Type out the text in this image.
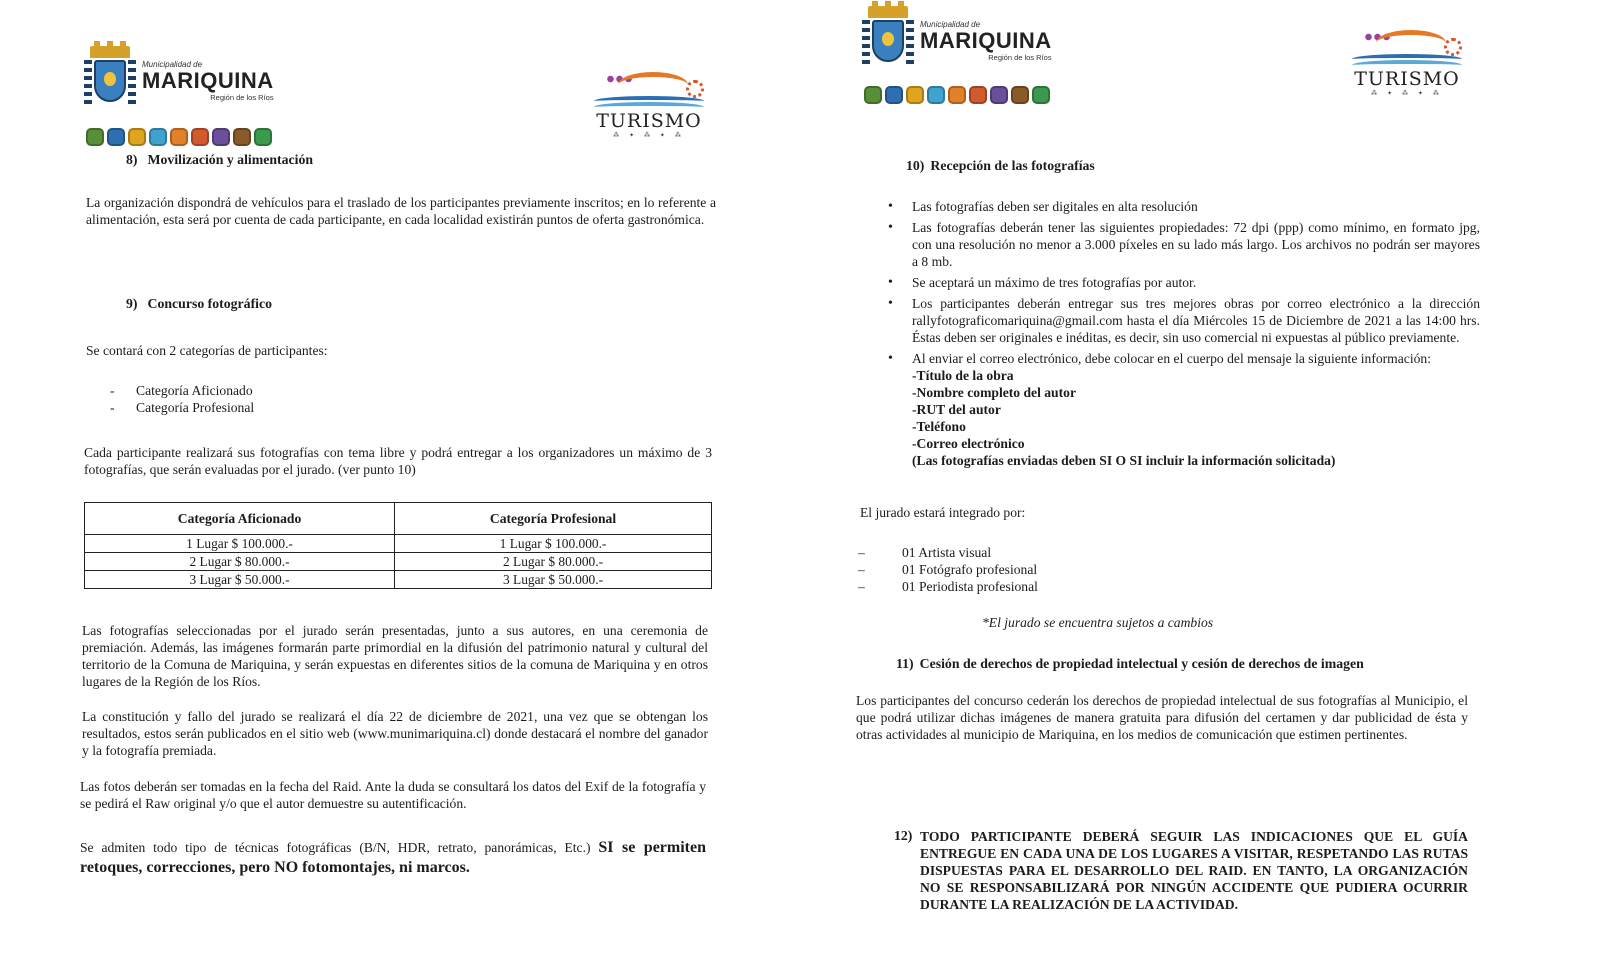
Municipalidad de
MARIQUINA
Región de los Ríos
TURISMO
⁂ ✦ ⁂ ✦ ⁂
8) Movilización y alimentación

La organización dispondrá de vehículos para el traslado de los participantes previamente inscritos; en lo referente a alimentación, esta será por cuenta de cada participante, en cada localidad existirán puntos de oferta gastronómica.

9) Concurso fotográfico

Se contará con 2 categorías de participantes:

- Categoría Aficionado
- Categoría Profesional

Cada participante realizará sus fotografías con tema libre y podrá entregar a los organizadores un máximo de 3 fotografías, que serán evaluadas por el jurado. (ver punto 10)

Categoría Aficionado	Categoría Profesional
1 Lugar $ 100.000.-	1 Lugar $ 100.000.-
2 Lugar $ 80.000.-	2 Lugar $ 80.000.-
3 Lugar $ 50.000.-	3 Lugar $ 50.000.-

Las fotografías seleccionadas por el jurado serán presentadas, junto a sus autores, en una ceremonia de premiación. Además, las imágenes formarán parte primordial en la difusión del patrimonio natural y cultural del territorio de la Comuna de Mariquina, y serán expuestas en diferentes sitios de la comuna de Mariquina y en otros lugares de la Región de los Ríos.

La constitución y fallo del jurado se realizará el día 22 de diciembre de 2021, una vez que se obtengan los resultados, estos serán publicados en el sitio web (www.munimariquina.cl) donde destacará el nombre del ganador y la fotografía premiada.

Las fotos deberán ser tomadas en la fecha del Raid. Ante la duda se consultará los datos del Exif de la fotografía y se pedirá el Raw original y/o que el autor demuestre su autentificación.

Se admiten todo tipo de técnicas fotográficas (B/N, HDR, retrato, panorámicas, Etc.) SI se permiten retoques, correcciones, pero NO fotomontajes, ni marcos.

Municipalidad de
MARIQUINA
Región de los Ríos
TURISMO
⁂ ✦ ⁂ ✦ ⁂
10) Recepción de las fotografías
• Las fotografías deben ser digitales en alta resolución
• Las fotografías deberán tener las siguientes propiedades: 72 dpi (ppp) como mínimo, en formato jpg, con una resolución no menor a 3.000 píxeles en su lado más largo. Los archivos no podrán ser mayores a 8 mb.
• Se aceptará un máximo de tres fotografías por autor.
• Los participantes deberán entregar sus tres mejores obras por correo electrónico a la dirección rallyfotograficomariquina@gmail.com hasta el día Miércoles 15 de Diciembre de 2021 a las 14:00 hrs. Éstas deben ser originales e inéditas, es decir, sin uso comercial ni expuestas al público previamente.
• Al enviar el correo electrónico, debe colocar en el cuerpo del mensaje la siguiente información:
-Título de la obra
-Nombre completo del autor
-RUT del autor
-Teléfono
-Correo electrónico
(Las fotografías enviadas deben SI O SI incluir la información solicitada)

El jurado estará integrado por:

–	01 Artista visual
–	01 Fotógrafo profesional
–	01 Periodista profesional

*El jurado se encuentra sujetos a cambios

11) Cesión de derechos de propiedad intelectual y cesión de derechos de imagen

Los participantes del concurso cederán los derechos de propiedad intelectual de sus fotografías al Municipio, el que podrá utilizar dichas imágenes de manera gratuita para difusión del certamen y dar publicidad de ésta y otras actividades al municipio de Mariquina, en los medios de comunicación que estimen pertinentes.

12) TODO PARTICIPANTE DEBERÁ SEGUIR LAS INDICACIONES QUE EL GUÍA ENTREGUE EN CADA UNA DE LOS LUGARES A VISITAR, RESPETANDO LAS RUTAS DISPUESTAS PARA EL DESARROLLO DEL RAID. EN TANTO, LA ORGANIZACIÓN NO SE RESPONSABILIZARÁ POR NINGÚN ACCIDENTE QUE PUDIERA OCURRIR DURANTE LA REALIZACIÓN DE LA ACTIVIDAD.
